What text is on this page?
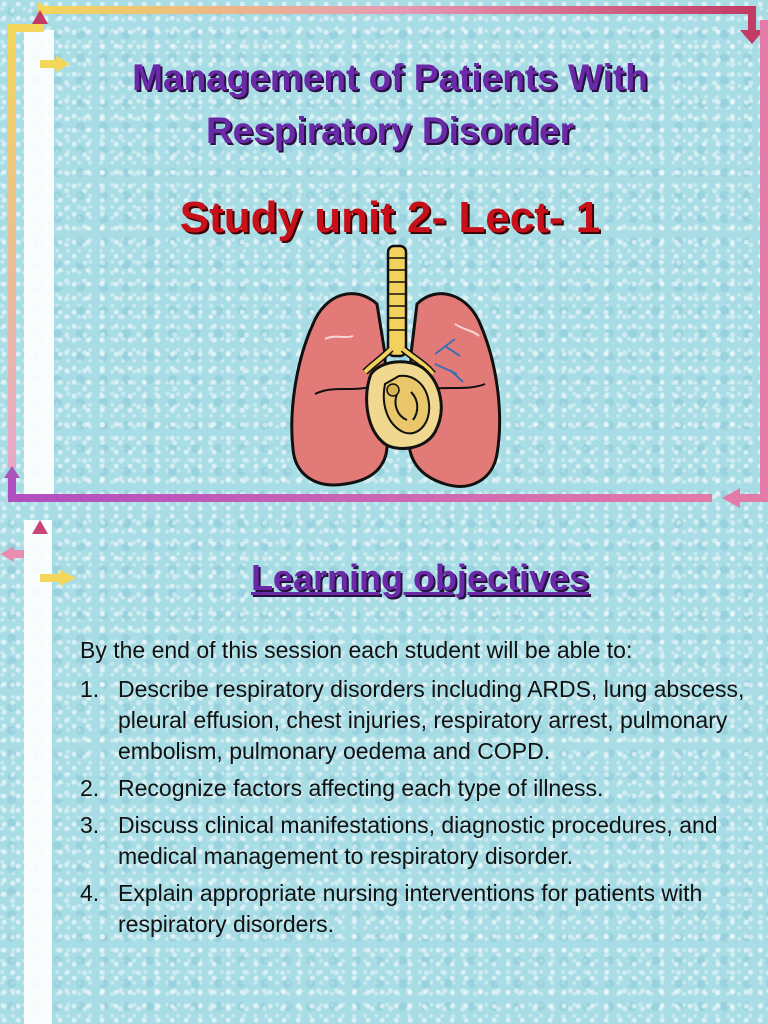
Management of Patients With
Respiratory Disorder
Study unit 2- Lect- 1
Learning objectives

By the end of this session each student will be able to:

1. Describe respiratory disorders including ARDS, lung abscess, pleural effusion, chest injuries, respiratory arrest, pulmonary embolism, pulmonary oedema and COPD.
2. Recognize factors affecting each type of illness.
3. Discuss clinical manifestations, diagnostic procedures, and medical management to respiratory disorder.
4. Explain appropriate nursing interventions for patients with respiratory disorders.
